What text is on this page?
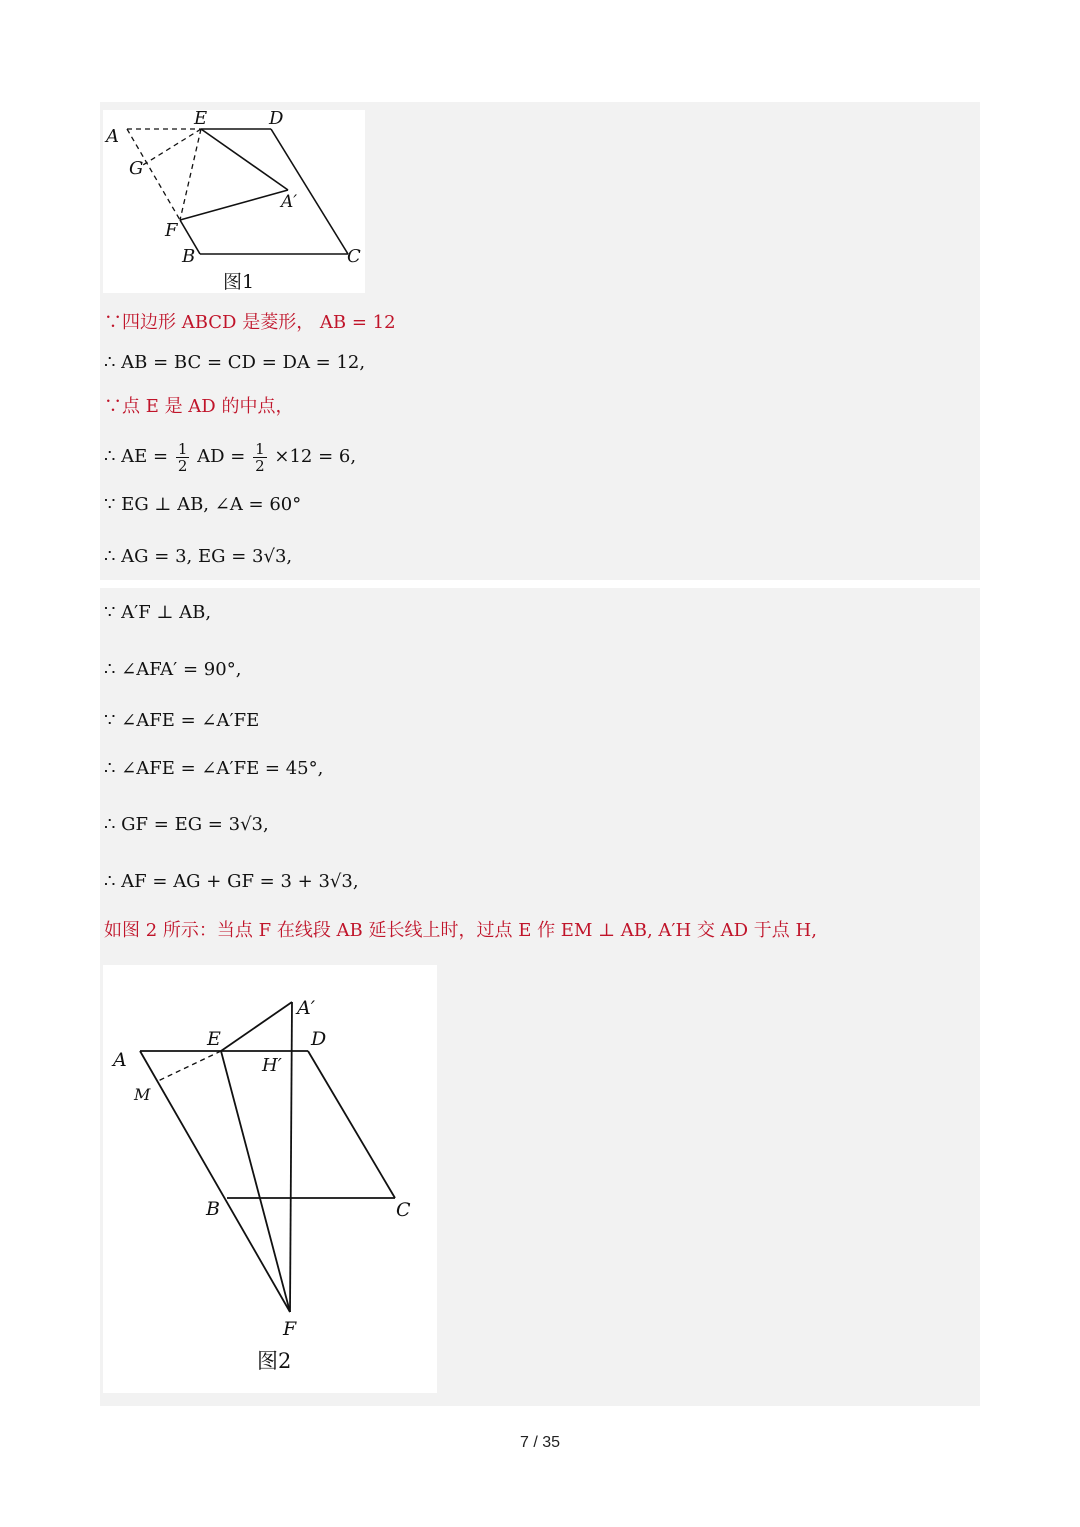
A
E	D
G
A′
F
B	C
图1
∵四边形 ABCD 是菱形， AB = 12
∴ AB = BC = CD = DA = 12,
∵点 E 是 AD 的中点，
∴ AE = $\frac{1}{2}$ AD = $\frac{1}{2} \times 12 = 6$,
∵ EG ⊥ AB, ∠A = 60°
∴ AG = 3, EG = 3√3,
∵ A′F ⊥ AB,
∴ ∠AFA′ = 90°,
∵ ∠AFE = ∠A′FE
∴ ∠AFE = ∠A′FE = 45°,
∴ GF = EG = 3√3,
∴ AF = AG + GF = 3 + 3√3,
如图 2 所示：当点 F 在线段 AB 延长线上时，过点 E 作 EM ⊥ AB, A′H 交 AD 于点 H,
A′
A
E	D
H′
M
B	C
F
图2
7 / 35
